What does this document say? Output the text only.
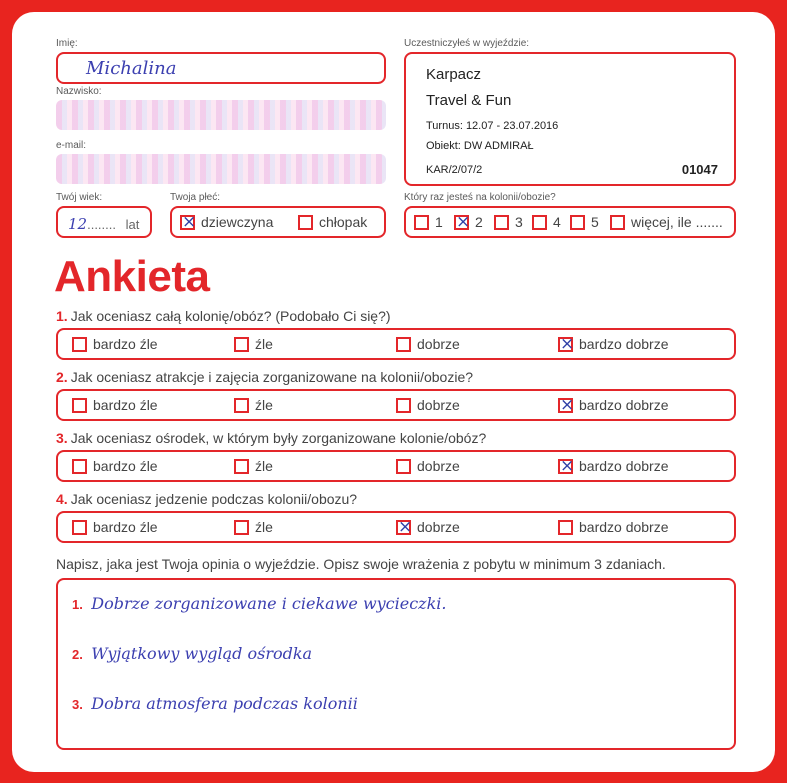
Imię:
Michalina
Nazwisko:
e-mail:
Twój wiek:
12........ lat
Twoja płeć:
×
dziewczyna	chłopak
Uczestniczyłeś w wyjeździe:
Karpacz
Travel & Fun
Turnus: 12.07 - 23.07.2016
Obiekt: DW ADMIRAŁ
KAR/2/07/2	01047
Który raz jesteś na kolonii/obozie?
1 × 2 3 4 5 więcej, ile .......
Ankieta
1. Jak oceniasz całą kolonię/obóz? (Podobało Ci się?)
bardzo źle	źle	dobrze ×	bardzo dobrze
2. Jak oceniasz atrakcje i zajęcia zorganizowane na kolonii/obozie?
bardzo źle	źle	dobrze ×	bardzo dobrze
3. Jak oceniasz ośrodek, w którym były zorganizowane kolonie/obóz?
bardzo źle	źle	dobrze ×	bardzo dobrze
4. Jak oceniasz jedzenie podczas kolonii/obozu?
bardzo źle	źle ×	dobrze	bardzo dobrze
Napisz, jaka jest Twoja opinia o wyjeździe. Opisz swoje wrażenia z pobytu w minimum 3 zdaniach.
1. Dobrze zorganizowane i ciekawe wycieczki.
2. Wyjątkowy wygląd ośrodka
3. Dobra atmosfera podczas kolonii
